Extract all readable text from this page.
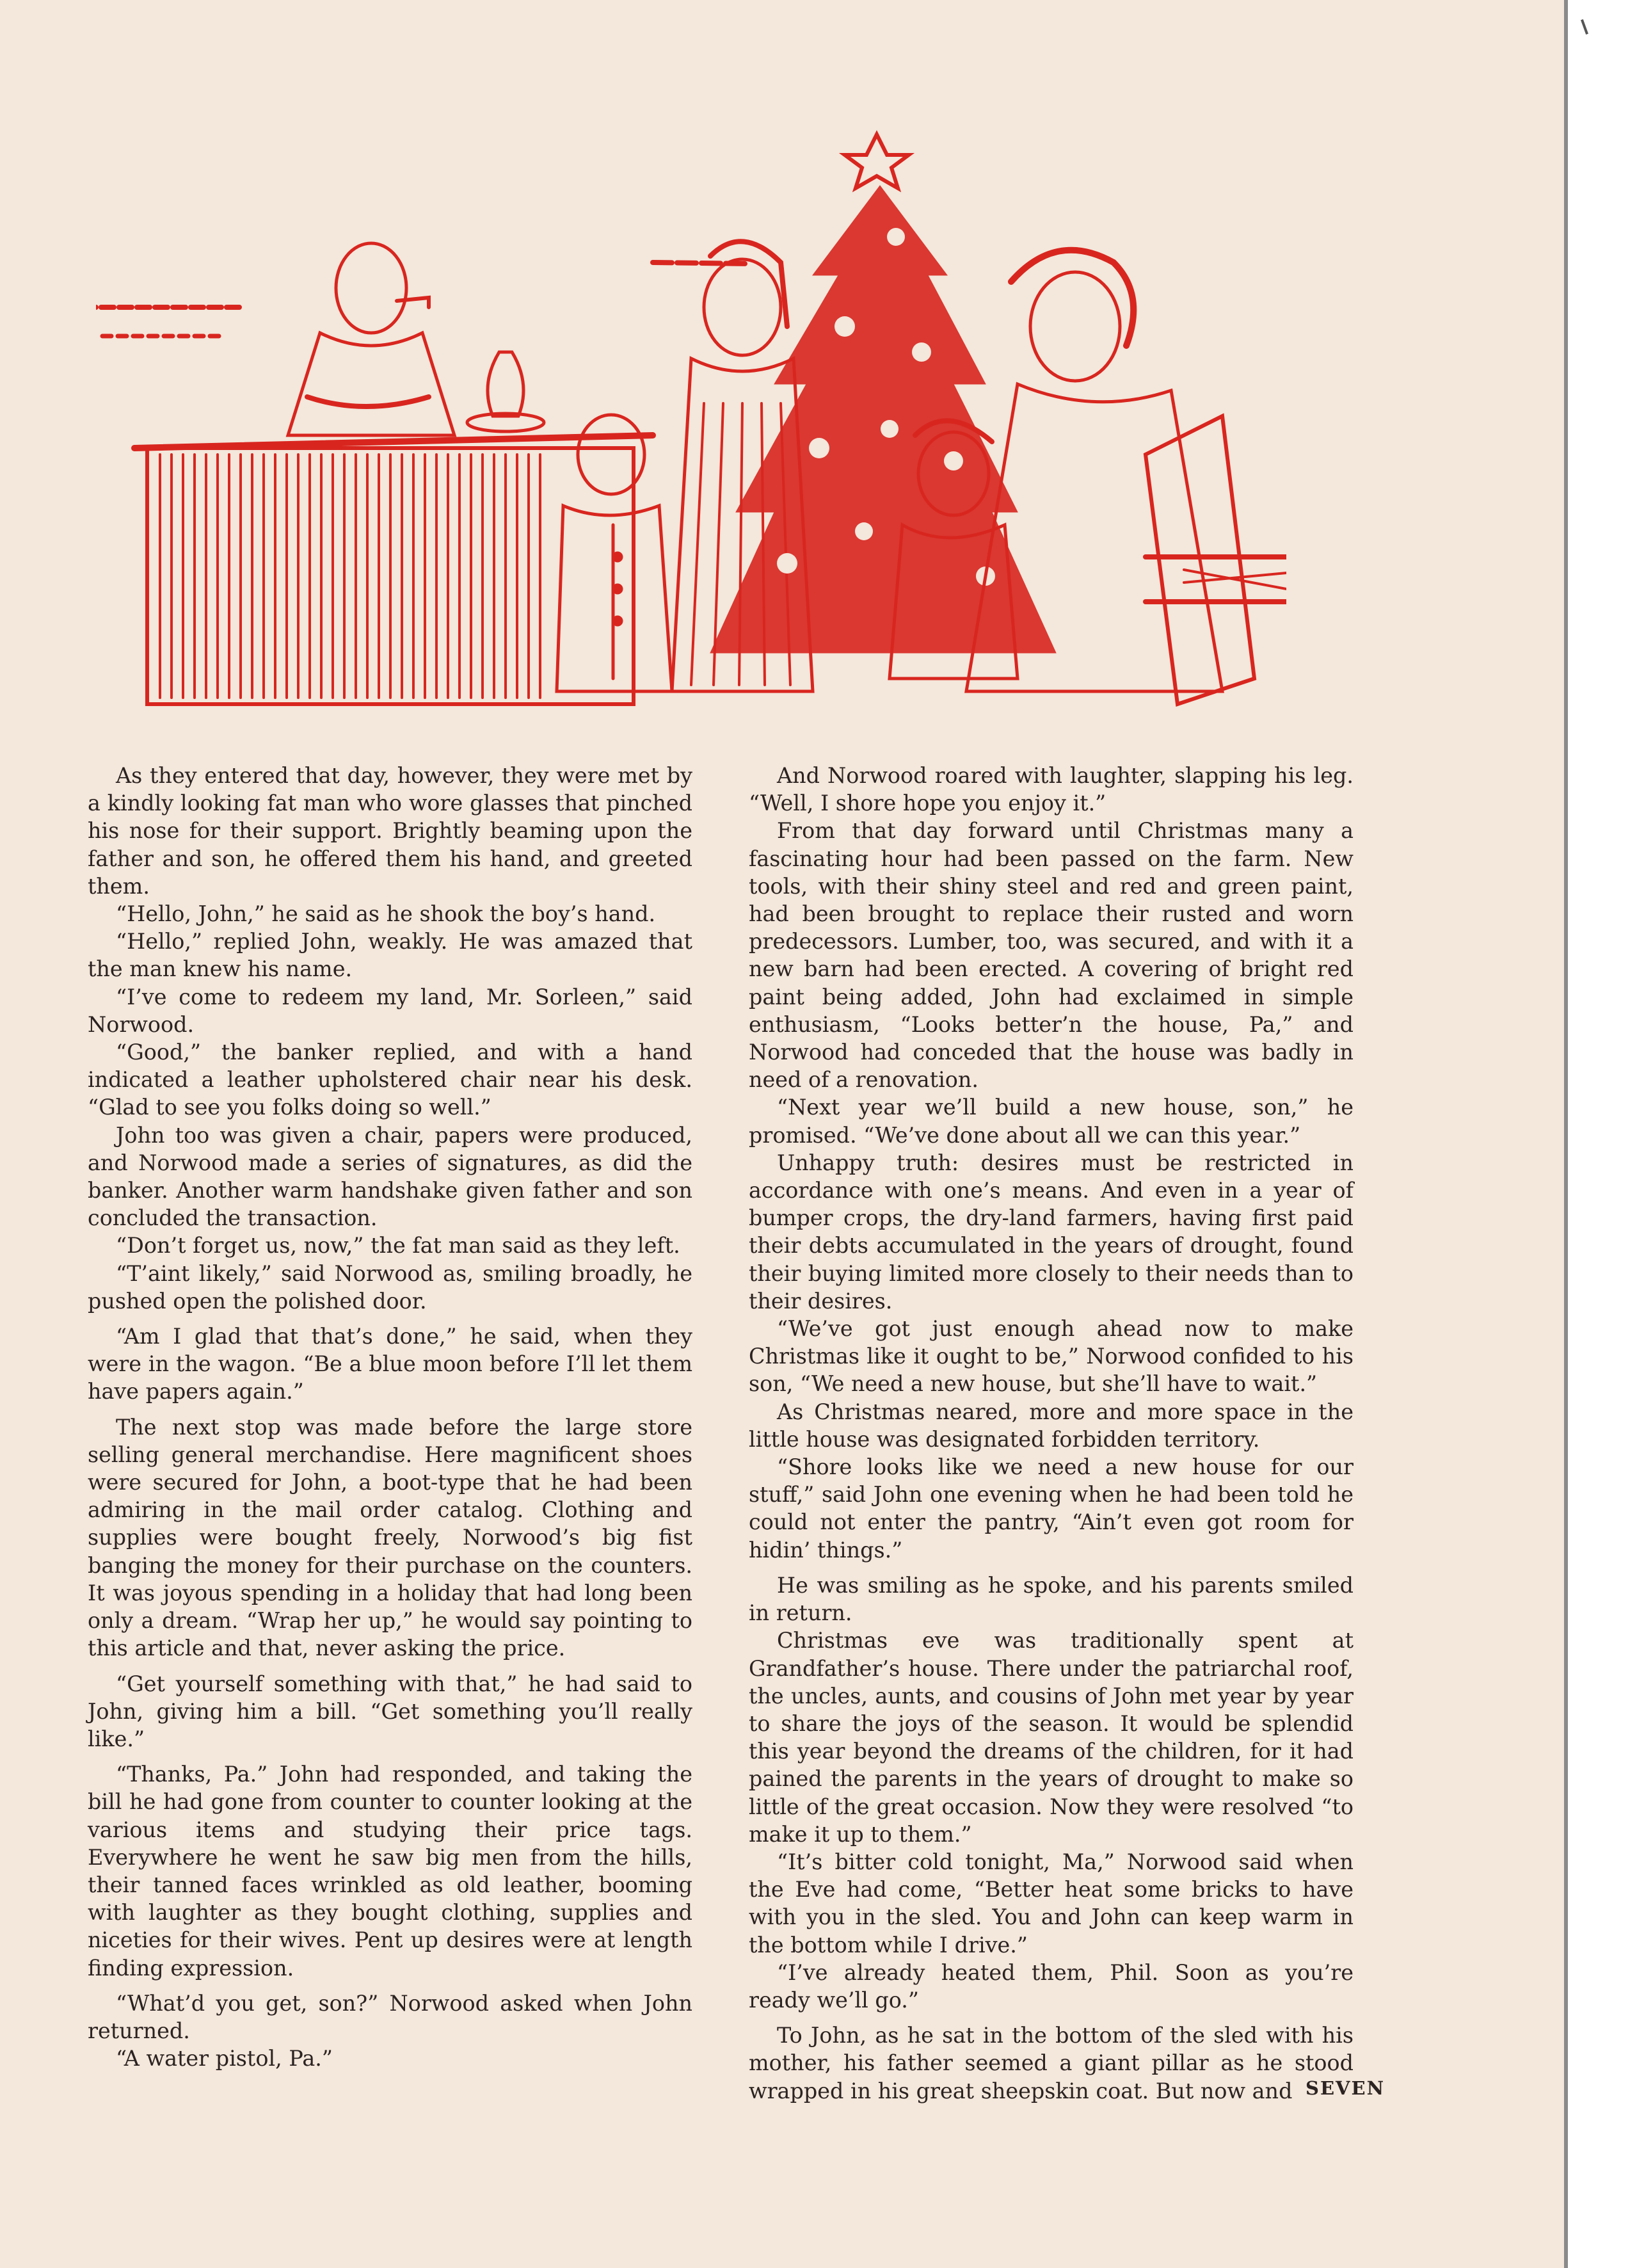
As they entered that day, however, they were met by a kindly looking fat man who wore glasses that pinched his nose for their support. Brightly beaming upon the father and son, he offered them his hand, and greeted them.

“Hello, John,” he said as he shook the boy’s hand.

“Hello,” replied John, weakly. He was amazed that the man knew his name.

“I’ve come to redeem my land, Mr. Sorleen,” said Norwood.

“Good,” the banker replied, and with a hand indicated a leather upholstered chair near his desk. “Glad to see you folks doing so well.”

John too was given a chair, papers were produced, and Norwood made a series of signatures, as did the banker. Another warm handshake given father and son concluded the transaction.

“Don’t forget us, now,” the fat man said as they left.

“T’aint likely,” said Norwood as, smiling broadly, he pushed open the polished door.

“Am I glad that that’s done,” he said, when they were in the wagon. “Be a blue moon before I’ll let them have papers again.”

The next stop was made before the large store selling general merchandise. Here magnificent shoes were secured for John, a boot-type that he had been admiring in the mail order catalog. Clothing and supplies were bought freely, Norwood’s big fist banging the money for their purchase on the counters. It was joyous spending in a holiday that had long been only a dream. “Wrap her up,” he would say pointing to this article and that, never asking the price.

“Get yourself something with that,” he had said to John, giving him a bill. “Get something you’ll really like.”

“Thanks, Pa.” John had responded, and taking the bill he had gone from counter to counter looking at the various items and studying their price tags. Everywhere he went he saw big men from the hills, their tanned faces wrinkled as old leather, booming with laughter as they bought clothing, supplies and niceties for their wives. Pent up desires were at length finding expression.

“What’d you get, son?” Norwood asked when John returned.

“A water pistol, Pa.”

And Norwood roared with laughter, slapping his leg. “Well, I shore hope you enjoy it.”

From that day forward until Christmas many a fascinating hour had been passed on the farm. New tools, with their shiny steel and red and green paint, had been brought to replace their rusted and worn predecessors. Lumber, too, was secured, and with it a new barn had been erected. A covering of bright red paint being added, John had exclaimed in simple enthusiasm, “Looks better’n the house, Pa,” and Norwood had conceded that the house was badly in need of a renovation.

“Next year we’ll build a new house, son,” he promised. “We’ve done about all we can this year.”

Unhappy truth: desires must be restricted in accordance with one’s means. And even in a year of bumper crops, the dry-land farmers, having first paid their debts accumulated in the years of drought, found their buying limited more closely to their needs than to their desires.

“We’ve got just enough ahead now to make Christmas like it ought to be,” Norwood confided to his son, “We need a new house, but she’ll have to wait.”

As Christmas neared, more and more space in the little house was designated forbidden territory.

“Shore looks like we need a new house for our stuff,” said John one evening when he had been told he could not enter the pantry, “Ain’t even got room for hidin’ things.”

He was smiling as he spoke, and his parents smiled in return.

Christmas eve was traditionally spent at Grandfather’s house. There under the patriarchal roof, the uncles, aunts, and cousins of John met year by year to share the joys of the season. It would be splendid this year beyond the dreams of the children, for it had pained the parents in the years of drought to make so little of the great occasion. Now they were resolved “to make it up to them.”

“It’s bitter cold tonight, Ma,” Norwood said when the Eve had come, “Better heat some bricks to have with you in the sled. You and John can keep warm in the bottom while I drive.”

“I’ve already heated them, Phil. Soon as you’re ready we’ll go.”

To John, as he sat in the bottom of the sled with his mother, his father seemed a giant pillar as he stood wrapped in his great sheepskin coat. But now and SEVEN
